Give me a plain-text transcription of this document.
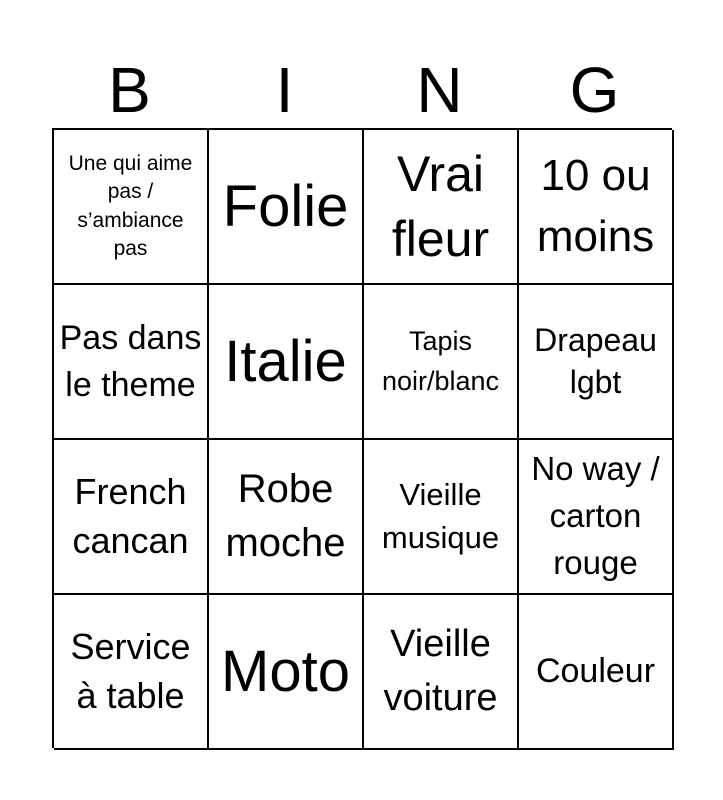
B	I	N	G
Une qui aime pas / s’ambiance pas
Folie
Vrai fleur
10 ou moins
Pas dans le theme Italie	Tapis noir/blanc
Drapeau lgbt
French cancan
Robe moche
Vieille musique
No way / carton rouge
Service à table Moto	Vieille voiture
Couleur
